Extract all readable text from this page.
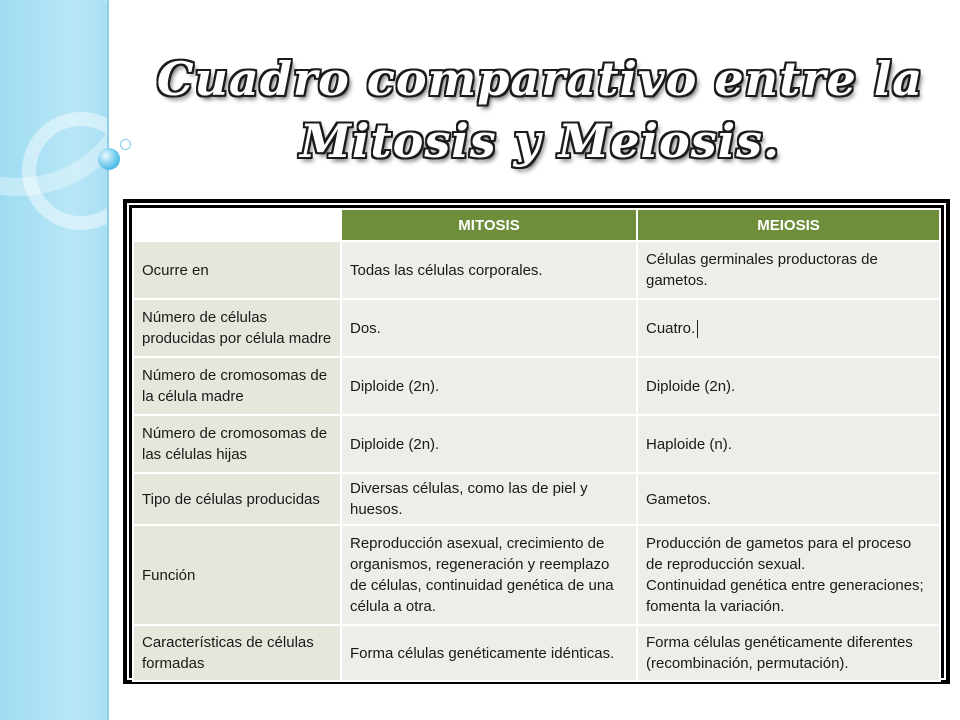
Cuadro comparativo entre la
Mitosis y Meiosis.
	MITOSIS	MEIOSIS

Ocurre en	Todas las células corporales.	Células germinales productoras de
gametos.

Número de células
producidas por célula madre	Dos.	Cuatro.

Número de cromosomas de
la célula madre	Diploide (2n).	Diploide (2n).

Número de cromosomas de
las células hijas	Diploide (2n).	Haploide (n).

Tipo de células producidas	Diversas células, como las de piel y huesos.	Gametos.

Función	Reproducción asexual, crecimiento de
organismos, regeneración y reemplazo
de células, continuidad genética de una
célula a otra.	Producción de gametos para el proceso
de reproducción sexual.
Continuidad genética entre generaciones;
fomenta la variación.

Características de células
formadas	Forma células genéticamente idénticas.	Forma células genéticamente diferentes
(recombinación, permutación).
